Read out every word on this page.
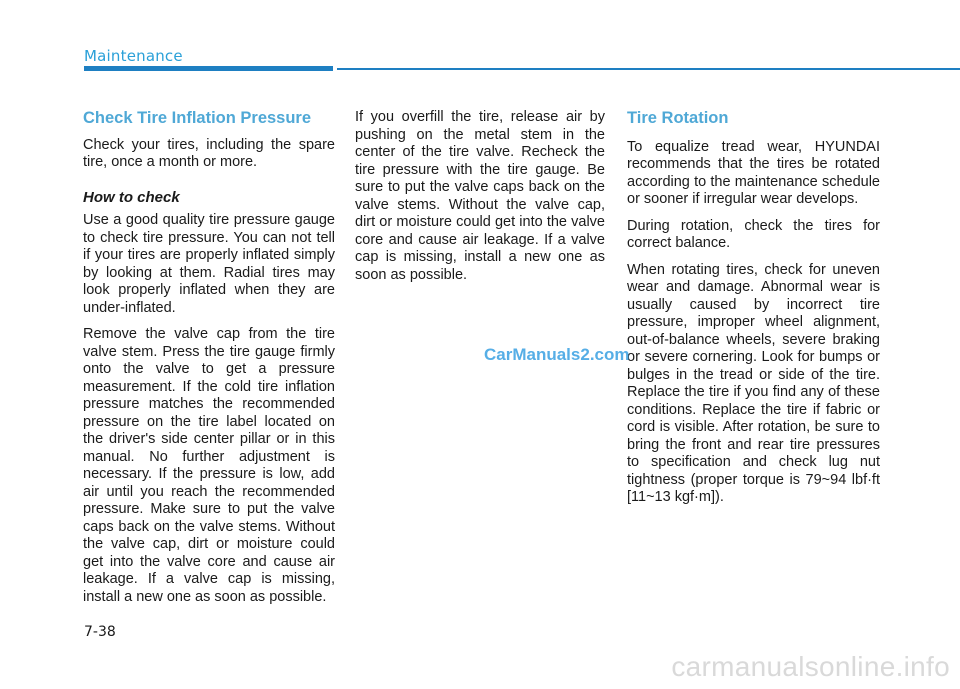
Maintenance
Check Tire Inflation Pressure

Check your tires, including the spare tire, once a month or more.

How to check

Use a good quality tire pressure gauge to check tire pressure. You can not tell if your tires are properly inflated simply by looking at them. Radial tires may look properly inflated when they are under-inflated.

Remove the valve cap from the tire valve stem. Press the tire gauge firmly onto the valve to get a pressure measurement. If the cold tire inflation pressure matches the recommended pressure on the tire label located on the driver's side center pillar or in this manual. No further adjustment is necessary. If the pressure is low, add air until you reach the recommended pressure. Make sure to put the valve caps back on the valve stems. Without the valve cap, dirt or moisture could get into the valve core and cause air leakage. If a valve cap is missing, install a new one as soon as possible.

If you overfill the tire, release air by pushing on the metal stem in the center of the tire valve. Recheck the tire pressure with the tire gauge. Be sure to put the valve caps back on the valve stems. Without the valve cap, dirt or moisture could get into the valve core and cause air leakage. If a valve cap is missing, install a new one as soon as possible.

Tire Rotation

To equalize tread wear, HYUNDAI recommends that the tires be rotated according to the maintenance schedule or sooner if irregular wear develops.

During rotation, check the tires for correct balance.

When rotating tires, check for uneven wear and damage. Abnormal wear is usually caused by incorrect tire pressure, improper wheel alignment, out-of-balance wheels, severe braking or severe cornering. Look for bumps or bulges in the tread or side of the tire. Replace the tire if you find any of these conditions. Replace the tire if fabric or cord is visible. After rotation, be sure to bring the front and rear tire pressures to specification and check lug nut tightness (proper torque is 79~94 lbf·ft [11~13 kgf·m]).

CarManuals2.com
7-38
carmanualsonline.info
